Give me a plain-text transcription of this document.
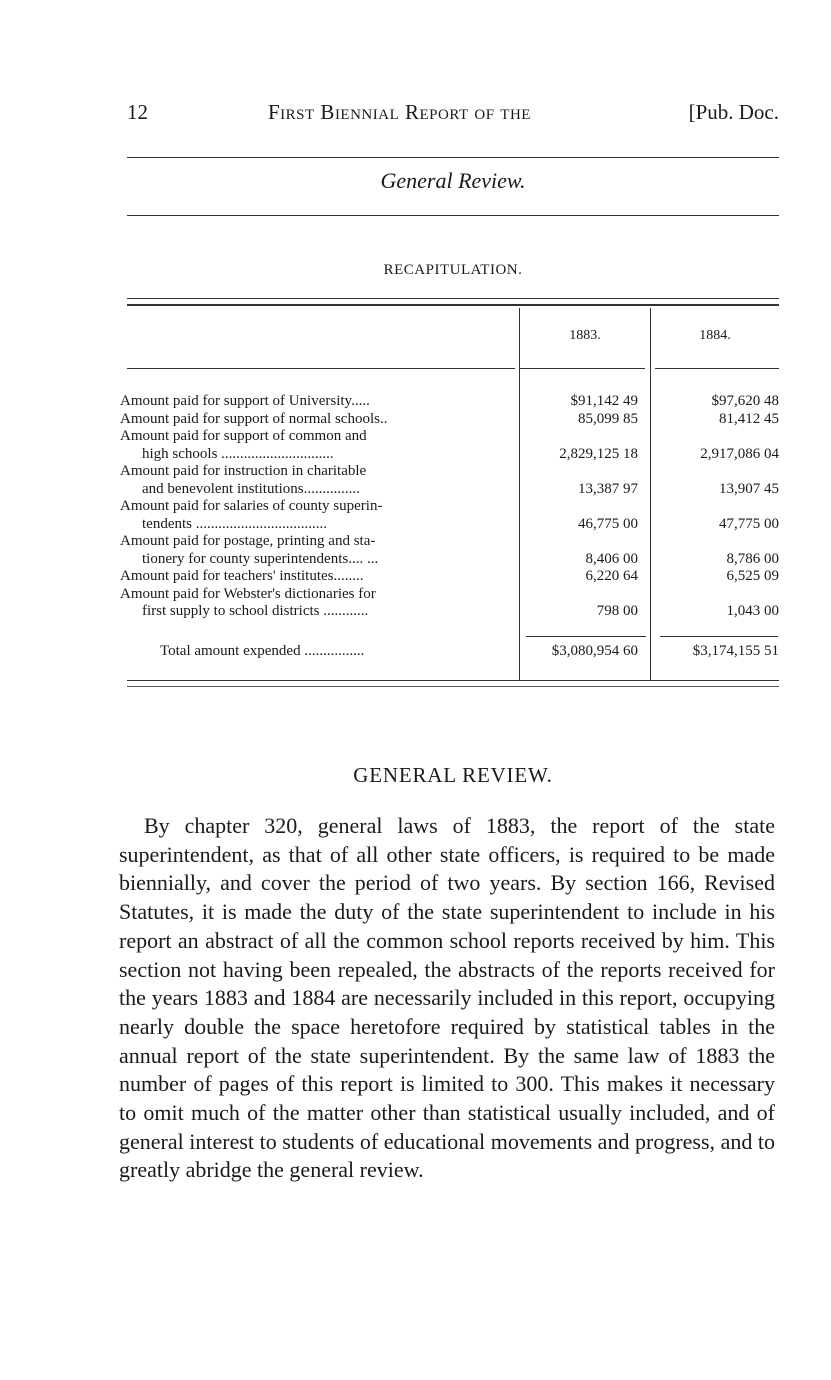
12	First Biennial Report of the	[Pub. Doc.
General Review.
RECAPITULATION.
1883.	1884.
Amount paid for support of University.....	$91,142 49	$97,620 48
Amount paid for support of normal schools..	85,099 85	81,412 45
Amount paid for support of common and
high schools ..............................	2,829,125 18	2,917,086 04
Amount paid for instruction in charitable
and benevolent institutions...............	13,387 97	13,907 45
Amount paid for salaries of county superin-
tendents ...................................	46,775 00	47,775 00
Amount paid for postage, printing and sta-
tionery for county superintendents.... ...	8,406 00	8,786 00
Amount paid for teachers' institutes........	6,220 64	6,525 09
Amount paid for Webster's dictionaries for
first supply to school districts ............	798 00	1,043 00
Total amount expended ................	$3,080,954 60	$3,174,155 51
GENERAL REVIEW.

By chapter 320, general laws of 1883, the report of the state superintendent, as that of all other state officers, is required to be made biennially, and cover the period of two years. By section 166, Revised Statutes, it is made the duty of the state superintendent to include in his report an abstract of all the common school reports received by him. This section not having been repealed, the abstracts of the reports received for the years 1883 and 1884 are necessarily included in this report, occupying nearly double the space heretofore required by statistical tables in the annual report of the state superintendent. By the same law of 1883 the number of pages of this report is limited to 300. This makes it necessary to omit much of the matter other than statistical usually included, and of general interest to students of educational movements and progress, and to greatly abridge the general review.
